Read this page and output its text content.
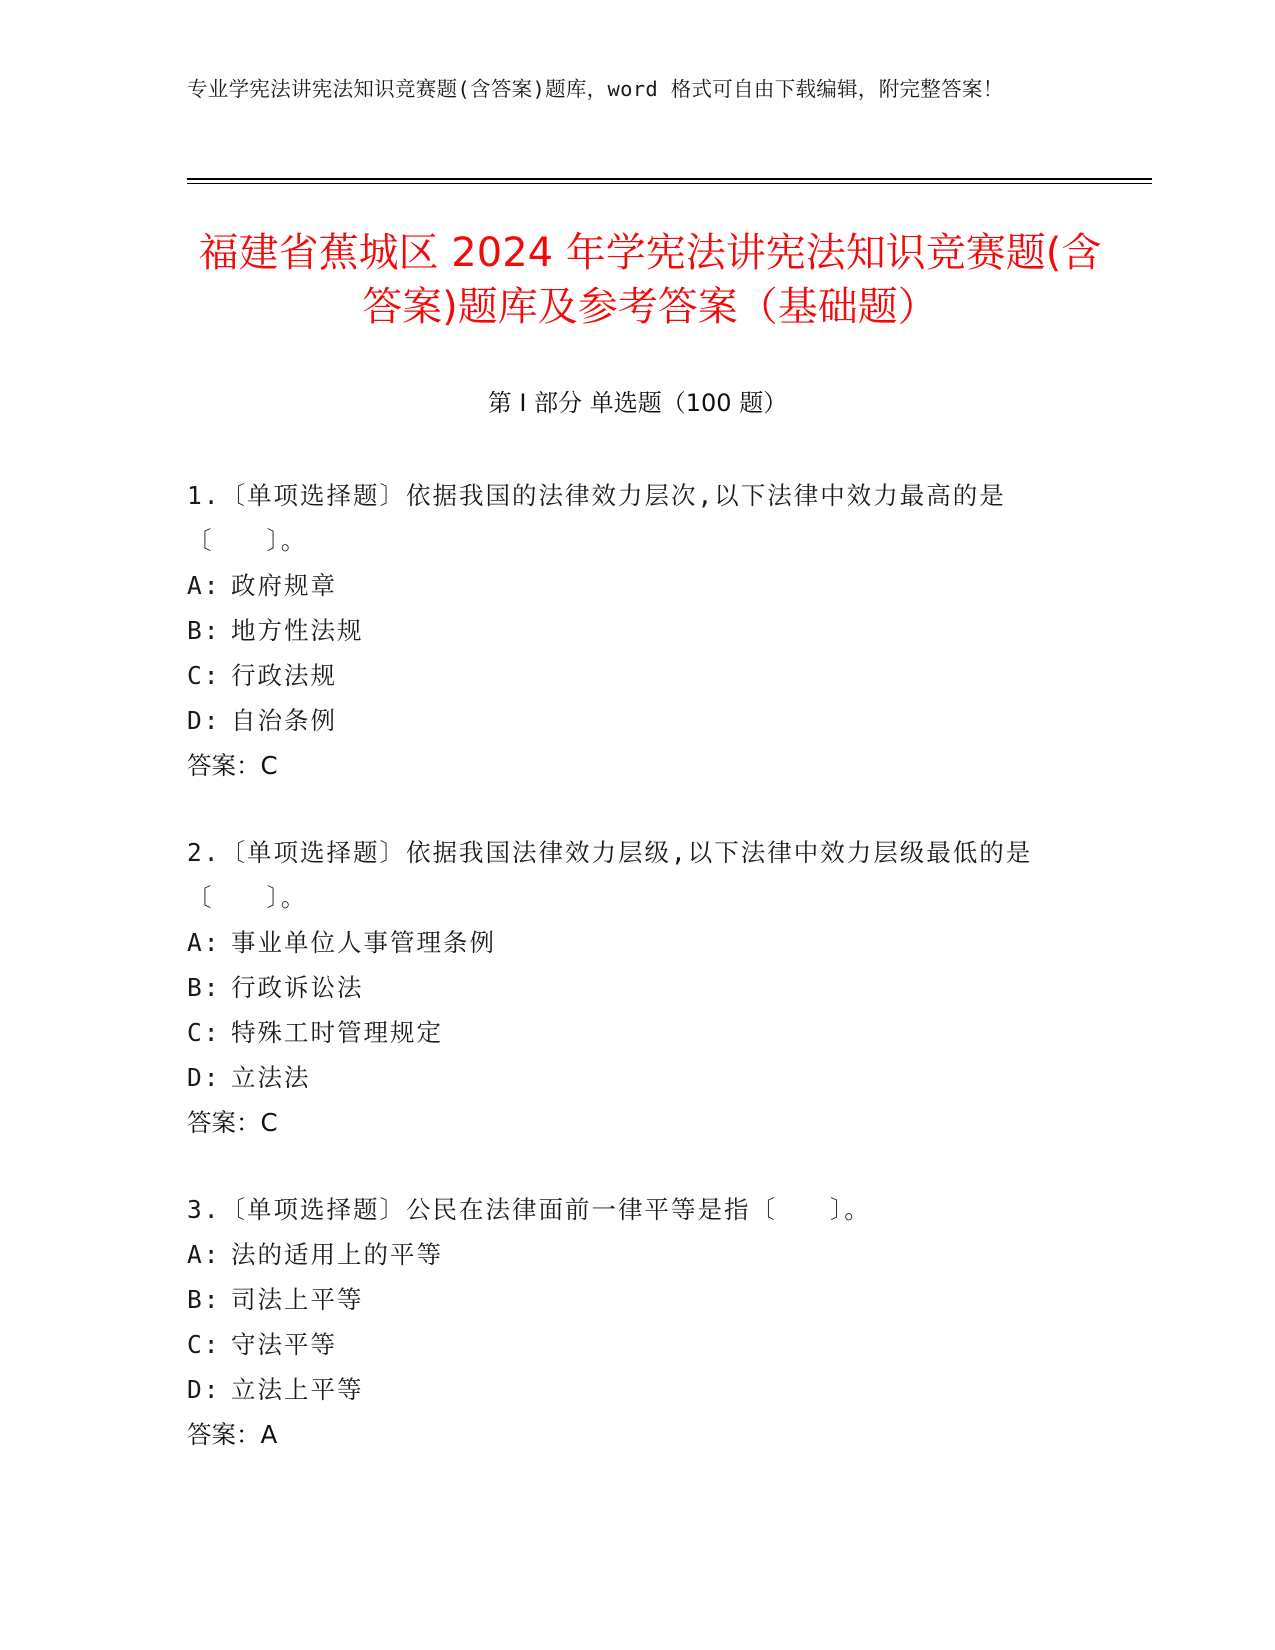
专业学宪法讲宪法知识竞赛题(含答案)题库，word 格式可自由下载编辑，附完整答案！
福建省蕉城区 2024 年学宪法讲宪法知识竞赛题(含答案)题库及参考答案（基础题）
第 I 部分 单选题（100 题）
1.〔单项选择题〕依据我国的法律效力层次,以下法律中效力最高的是〔　　〕。
A: 政府规章
B: 地方性法规
C: 行政法规
D: 自治条例
答案：C
2.〔单项选择题〕依据我国法律效力层级,以下法律中效力层级最低的是〔　　〕。
A: 事业单位人事管理条例
B: 行政诉讼法
C: 特殊工时管理规定
D: 立法法
答案：C
3.〔单项选择题〕公民在法律面前一律平等是指〔　　〕。
A: 法的适用上的平等
B: 司法上平等
C: 守法平等
D: 立法上平等
答案：A
